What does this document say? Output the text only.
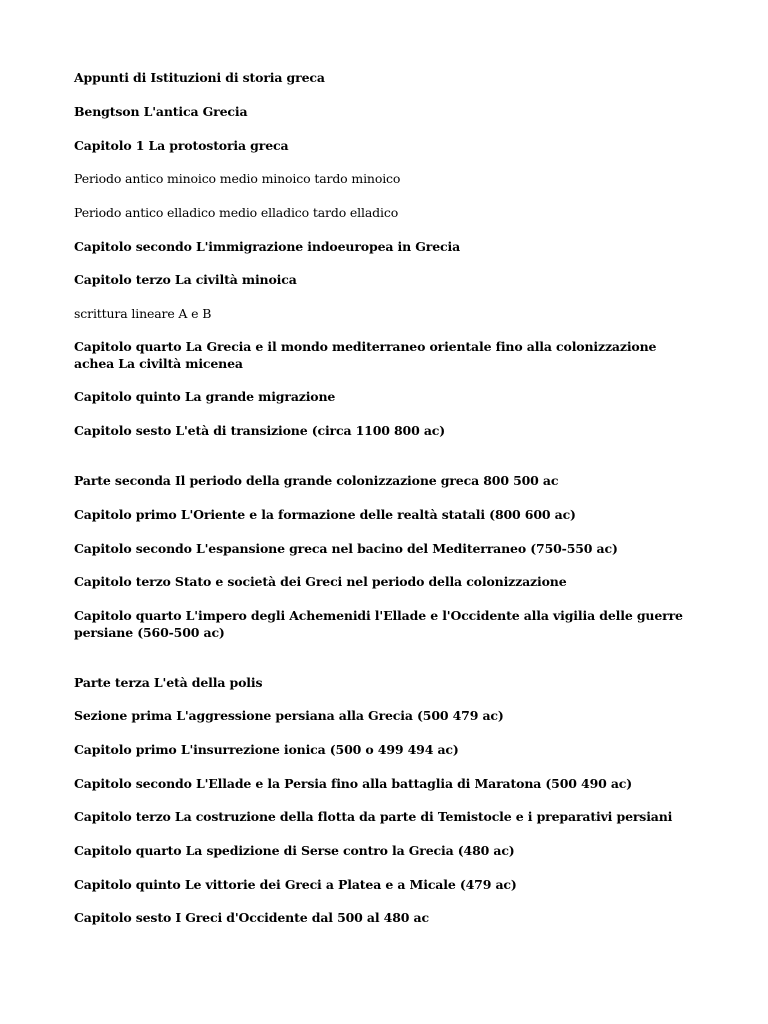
Appunti di Istituzioni di storia greca
Bengtson L'antica Grecia
Capitolo 1 La protostoria greca
Periodo antico minoico medio minoico tardo minoico
Periodo antico elladico medio elladico tardo elladico
Capitolo secondo L'immigrazione indoeuropea in Grecia
Capitolo terzo La civiltà minoica
scrittura lineare A e B
Capitolo quarto La Grecia e il mondo mediterraneo orientale fino alla colonizzazione achea La civiltà micenea
Capitolo quinto La grande migrazione
Capitolo sesto L'età di transizione (circa 1100 800 ac)
Parte seconda Il periodo della grande colonizzazione greca 800 500 ac
Capitolo primo L'Oriente e la formazione delle realtà statali (800 600 ac)
Capitolo secondo L'espansione greca nel bacino del Mediterraneo (750-550 ac)
Capitolo terzo Stato e società dei Greci nel periodo della colonizzazione
Capitolo quarto L'impero degli Achemenidi l'Ellade e l'Occidente alla vigilia delle guerre persiane (560-500 ac)
Parte terza L'età della polis
Sezione prima L'aggressione persiana alla Grecia (500 479 ac)
Capitolo primo L'insurrezione ionica (500 o 499 494 ac)
Capitolo secondo L'Ellade e la Persia fino alla battaglia di Maratona (500 490 ac)
Capitolo terzo La costruzione della flotta da parte di Temistocle e i preparativi persiani
Capitolo quarto La spedizione di Serse contro la Grecia (480 ac)
Capitolo quinto Le vittorie dei Greci a Platea e a Micale (479 ac)
Capitolo sesto I Greci d'Occidente dal 500 al 480 ac
